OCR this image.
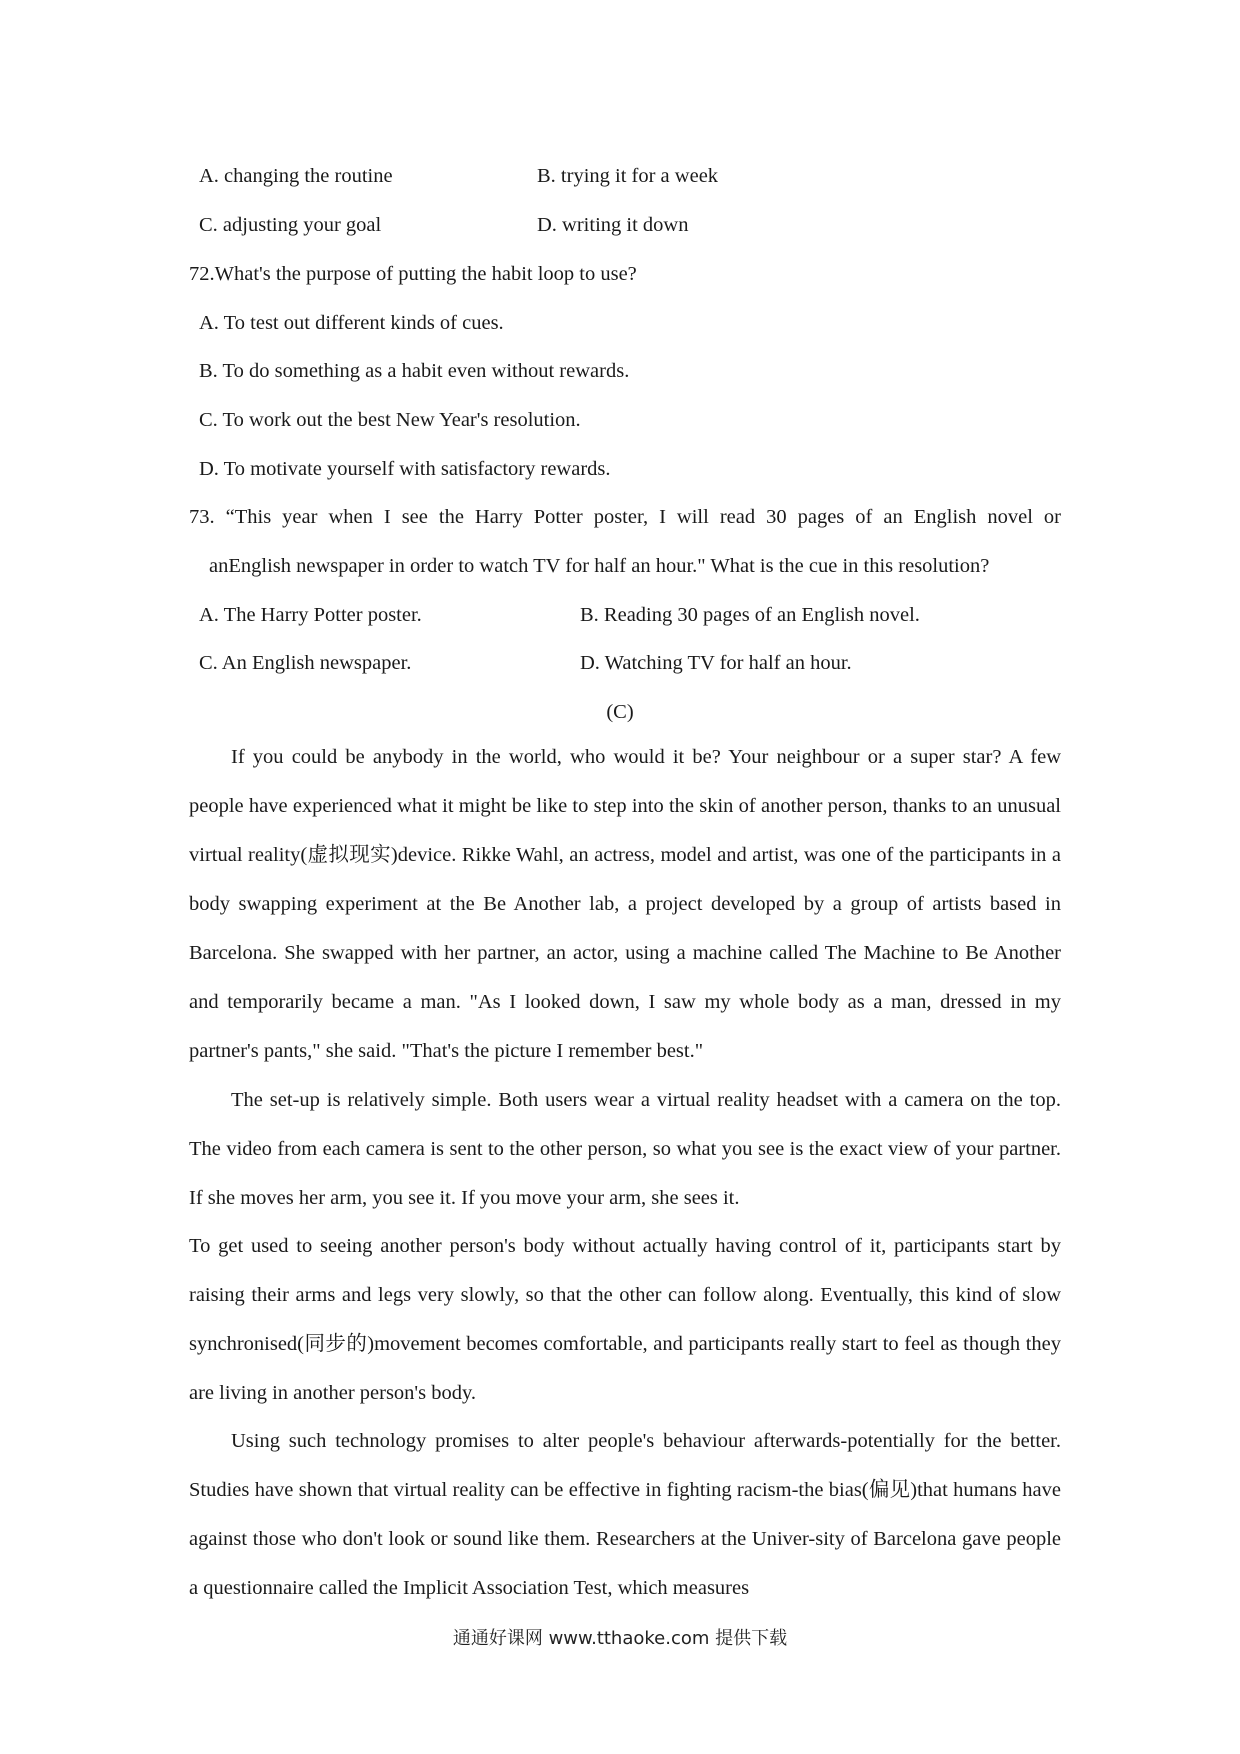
A. changing the routine	B. trying it for a week
C. adjusting your goal	D. writing it down
72.What's the purpose of putting the habit loop to use?
A. To test out different kinds of cues.
B. To do something as a habit even without rewards.
C. To work out the best New Year's resolution.
D. To motivate yourself with satisfactory rewards.
73. “This year when I see the Harry Potter poster, I will read 30 pages of an English novel or
anEnglish newspaper in order to watch TV for half an hour." What is the cue in this resolution?
A. The Harry Potter poster.	B. Reading 30 pages of an English novel.
C. An English newspaper.	D. Watching TV for half an hour.
(C)
If you could be anybody in the world, who would it be? Your neighbour or a super star? A few people have experienced what it might be like to step into the skin of another person, thanks to an unusual virtual reality(虚拟现实)device. Rikke Wahl, an actress, model and artist, was one of the participants in a body swapping experiment at the Be Another lab, a project developed by a group of artists based in Barcelona. She swapped with her partner, an actor, using a machine called The Machine to Be Another and temporarily became a man. "As I looked down, I saw my whole body as a man, dressed in my partner's pants," she said. "That's the picture I remember best."
The set-up is relatively simple. Both users wear a virtual reality headset with a camera on the top. The video from each camera is sent to the other person, so what you see is the exact view of your partner. If she moves her arm, you see it. If you move your arm, she sees it.
To get used to seeing another person's body without actually having control of it, participants start by raising their arms and legs very slowly, so that the other can follow along. Eventually, this kind of slow synchronised(同步的)movement becomes comfortable, and participants really start to feel as though they are living in another person's body.
Using such technology promises to alter people's behaviour afterwards-potentially for the better. Studies have shown that virtual reality can be effective in fighting racism-the bias(偏见)that humans have against those who don't look or sound like them. Researchers at the Univer-sity of Barcelona gave people a questionnaire called the Implicit Association Test, which measures
通通好课网 www.tthaoke.com 提供下载
